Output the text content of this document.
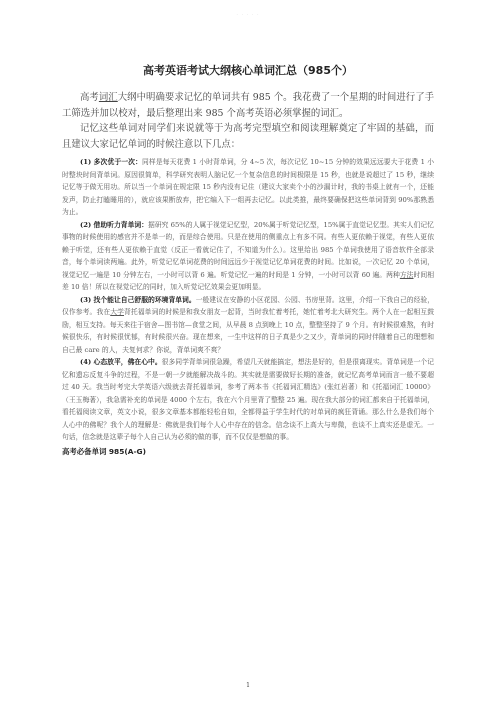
· · · · ·
高考英语考试大纲核心单词汇总（985个）

高考词汇大纲中明确要求记忆的单词共有 985 个。我花费了一个星期的时间进行了手工筛选并加以校对，最后整理出来 985 个高考英语必须掌握的词汇。

记忆这些单词对同学们来说就等于为高考完型填空和阅读理解奠定了牢固的基础，而且建议大家记忆单词的时候注意以下几点：

(1) 多次优于一次：同样是每天花费 1 小时背单词，分 4~5 次，每次记忆 10~15 分钟的效果远远要大于花费 1 小时整块时间背单词。原因很简单，科学研究表明人脑记忆一个复杂信息的时间极限是 15 秒，也就是说超过了 15 秒，继续记忆等于做无用功。所以当一个单词在规定限 15 秒内没有记住（建议大家卖个小的沙漏计时，我的书桌上就有一个，还能发声，防止打瞌睡用的），就应该果断放弃，把它编入下一组再去记忆。以此类推，最终要确保把这些单词背到 90%那熟悉为止。

(2) 借助听力背单词：据研究 65%的人属于视觉记忆型，20%属于听觉记忆型，15%属于直觉记忆型。其实人们记忆事物的时候使用的感官并不是单一的，而是综合使用。只是在使用的侧重点上有多不同。有些人更依赖于视觉，有些人更依赖于听觉，还有些人更依赖于直觉（反正一看就记住了，不知道为什么）。这里给出 985 个单词我使用了语音软件全部录音，每个单词读两遍。此外，听觉记忆单词花费的时间远远少于视觉记忆单词花费的时间。比如说，一次记忆 20 个单词，视觉记忆一遍是 10 分钟左右，一小时可以背 6 遍。听觉记忆一遍的时间是 1 分钟，一小时可以背 60 遍。两种方法时间相差 10 倍！所以在视觉记忆的同时，加入听觉记忆效果会更加明显。

(3) 找个能让自己舒服的环境背单词。一般建议在安静的小区花园、公园、书房里背。这里，介绍一下我自己的经验，仅作参考。我在大学背托福单词的时候是和我女朋友一起背，当时我忙着考托，她忙着考北大研究生。两个人在一起相互鼓励，相互支持。每天来往于宿舍—图书馆—食堂之间，从早晨 8 点到晚上 10 点，整整坚持了 9 个月。有时候很难熬，有时候很快乐，有时候很忧郁，有时候很兴奋。现在想来，一生中这样的日子真是少之又少，背单词的同时伴随着自己的理想和自己最 care 的人，夫复何求？你说，背单词爽不爽？

(4) 心态放平，佛在心中。很多同学背单词很急躁，希望几天就能搞定，想法是好的，但是很离现实。背单词是一个记忆和遗忘反复斗争的过程，不是一朝一夕就能解决战斗的。其实就是需要做好长期的准备，就记忆高考单词而言一般不要超过 40 天。我当时考完大学英语六级就去背托福单词，参考了两本书《托福词汇精选》(张红岩著）和《托福词汇 10000》（王玉梅著），我急需补充的单词是 4000 个左右，我在六个月里背了整整 25 遍。现在我大部分的词汇都来自于托福单词，看托福阅读文章，英文小说，很多文章基本都能轻松自如，全都得益于学生时代的对单词的疯狂背诵。那么什么是我们每个人心中的佛呢？我个人的理解是：佛就是我们每个人心中存在的信念。信念谈不上高大与卑微，也谈不上真实还是虚无。一句话，信念就是这辈子每个人自己认为必须的做的事，而不仅仅是想做的事。

高考必备单词 985(A-G)
1
